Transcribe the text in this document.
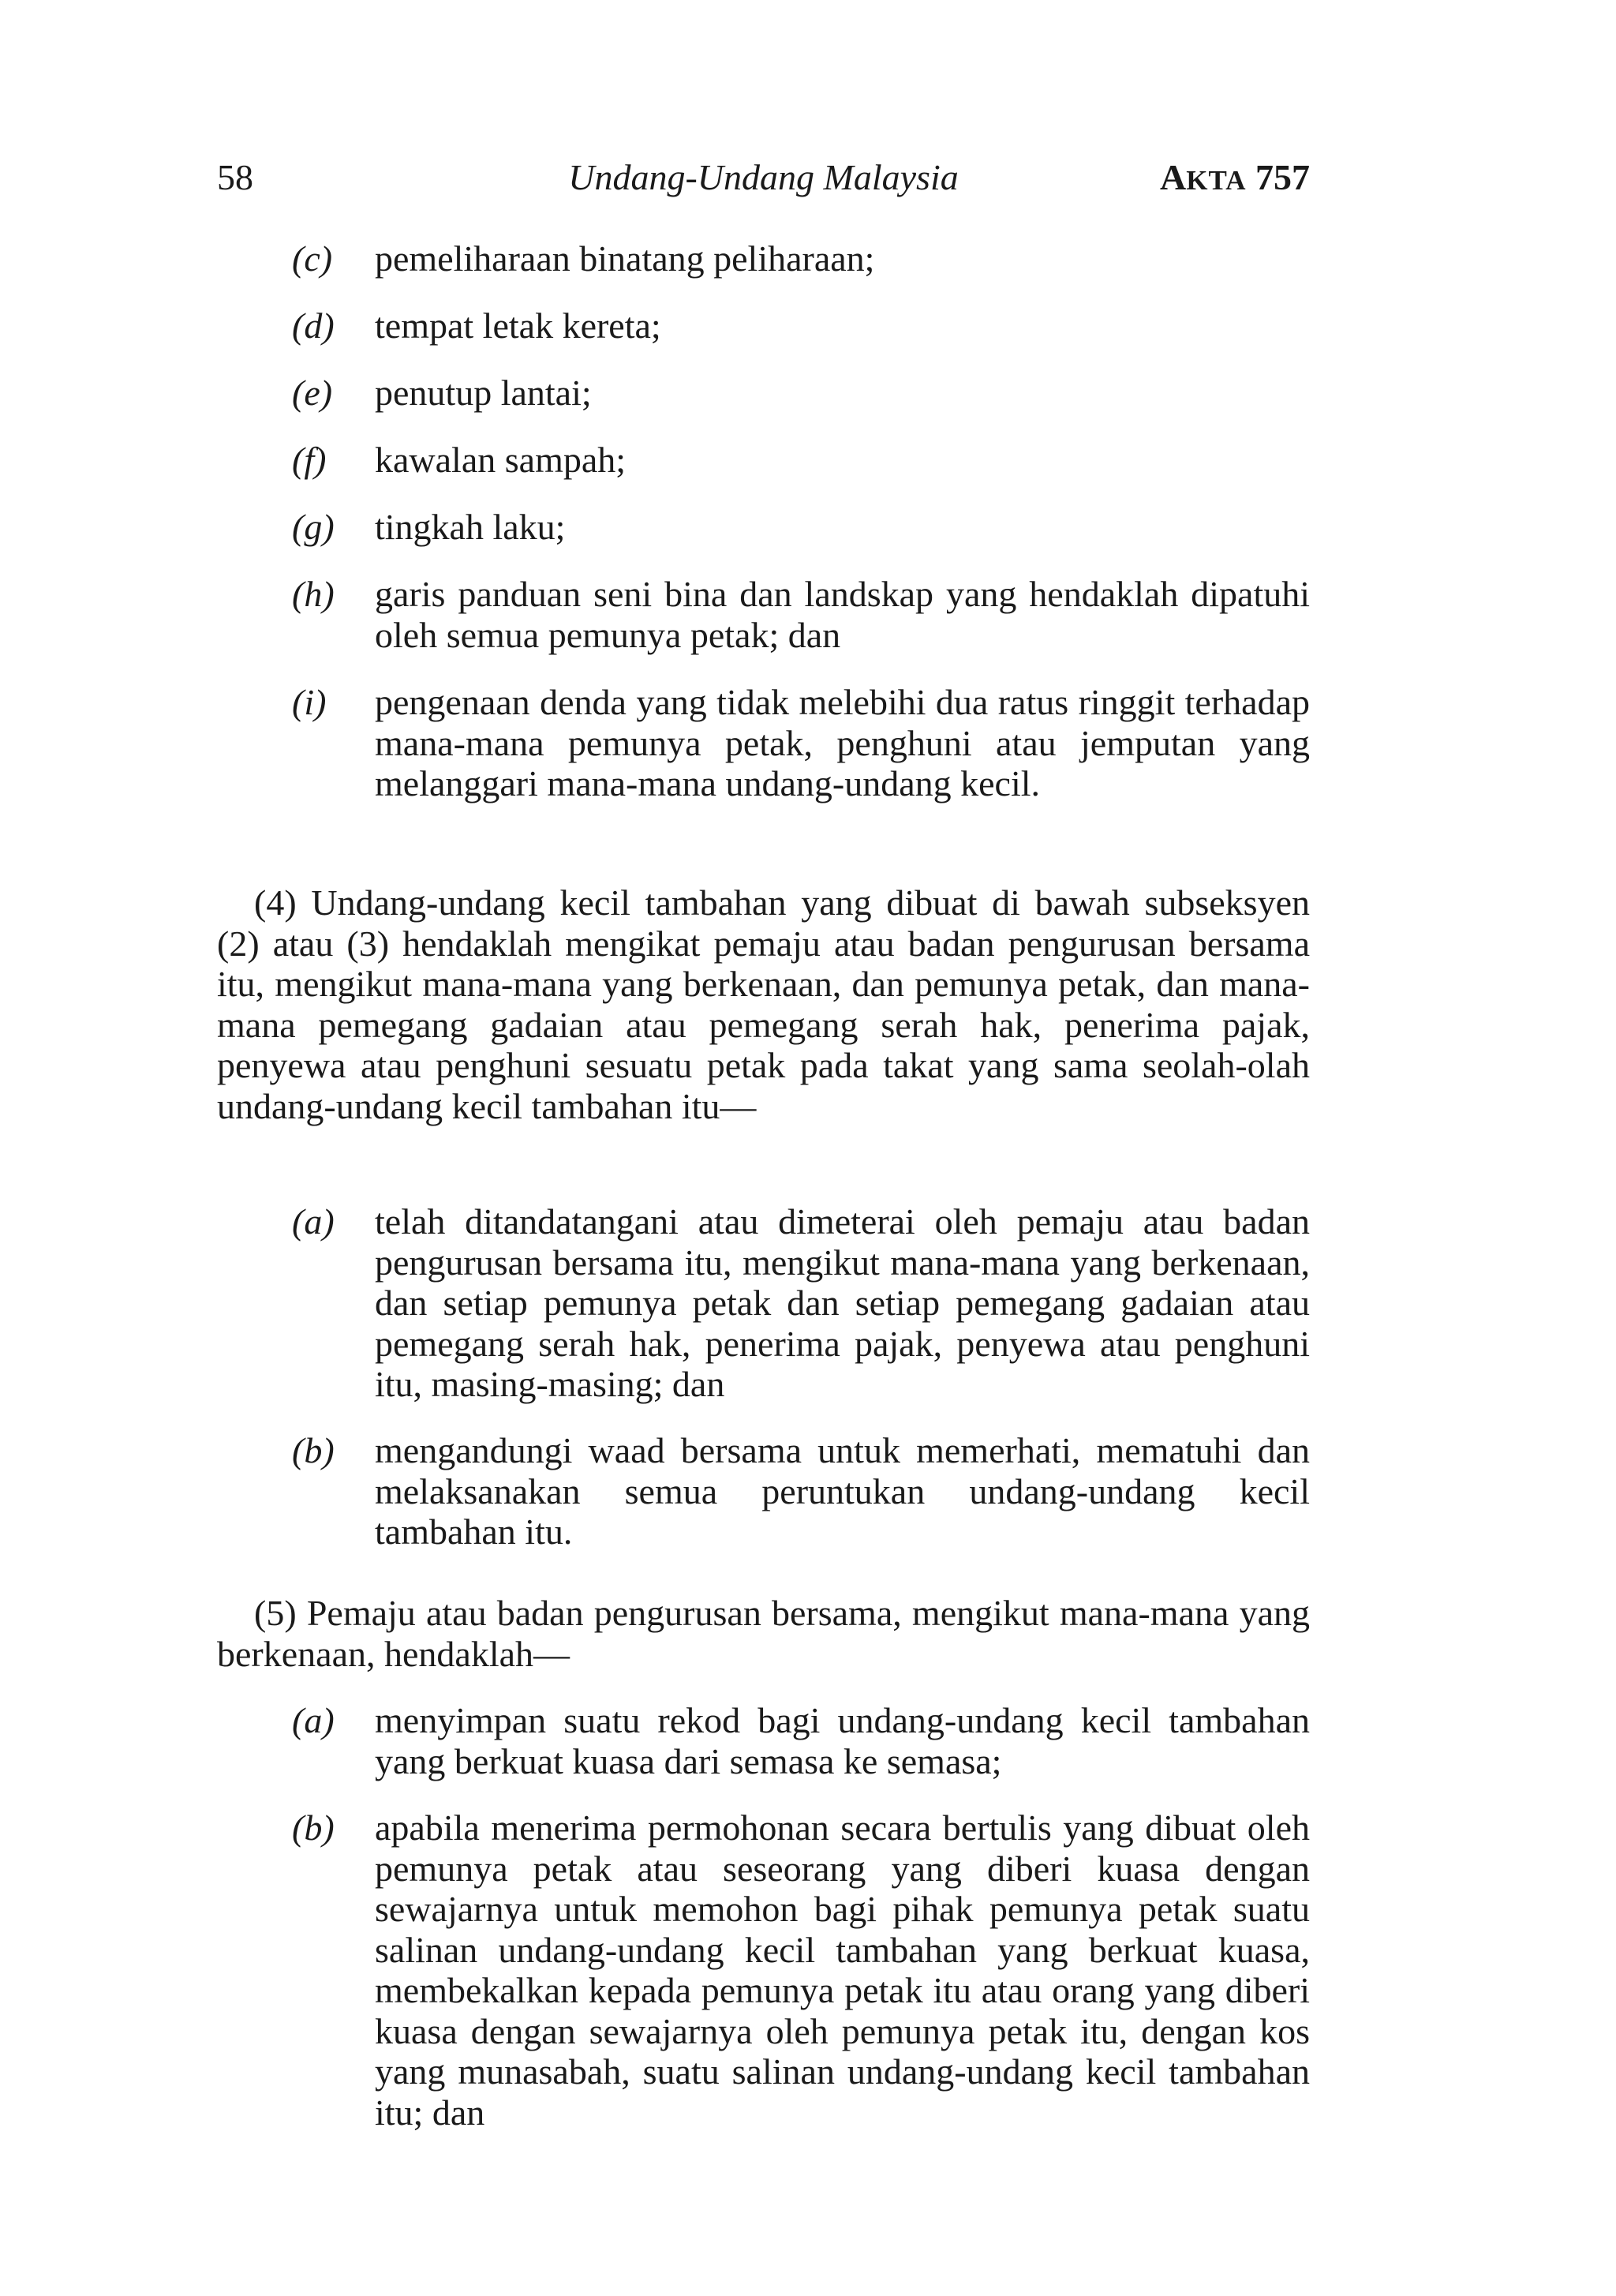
58	Undang-Undang Malaysia	AKTA 757
(c)	pemeliharaan binatang peliharaan;
(d)	tempat letak kereta;
(e)	penutup lantai;
(f)	kawalan sampah;
(g)	tingkah laku;
(h)	garis panduan seni bina dan landskap yang hendaklah dipatuhi oleh semua pemunya petak; dan
(i)	pengenaan denda yang tidak melebihi dua ratus ringgit terhadap mana-mana pemunya petak, penghuni atau jemputan yang melanggari mana-mana undang-undang kecil.
(4) Undang-undang kecil tambahan yang dibuat di bawah subseksyen (2) atau (3) hendaklah mengikat pemaju atau badan pengurusan bersama itu, mengikut mana-mana yang berkenaan, dan pemunya petak, dan mana-mana pemegang gadaian atau pemegang serah hak, penerima pajak, penyewa atau penghuni sesuatu petak pada takat yang sama seolah-olah undang-undang kecil tambahan itu—
(a)	telah ditandatangani atau dimeterai oleh pemaju atau badan pengurusan bersama itu, mengikut mana-mana yang berkenaan, dan setiap pemunya petak dan setiap pemegang gadaian atau pemegang serah hak, penerima pajak, penyewa atau penghuni itu, masing-masing; dan
(b)	mengandungi waad bersama untuk memerhati, mematuhi dan melaksanakan semua peruntukan undang-undang kecil tambahan itu.
(5) Pemaju atau badan pengurusan bersama, mengikut mana-mana yang berkenaan, hendaklah—
(a)	menyimpan suatu rekod bagi undang-undang kecil tambahan yang berkuat kuasa dari semasa ke semasa;
(b)	apabila menerima permohonan secara bertulis yang dibuat oleh pemunya petak atau seseorang yang diberi kuasa dengan sewajarnya untuk memohon bagi pihak pemunya petak suatu salinan undang-undang kecil tambahan yang berkuat kuasa, membekalkan kepada pemunya petak itu atau orang yang diberi kuasa dengan sewajarnya oleh pemunya petak itu, dengan kos yang munasabah, suatu salinan undang-undang kecil tambahan itu; dan
